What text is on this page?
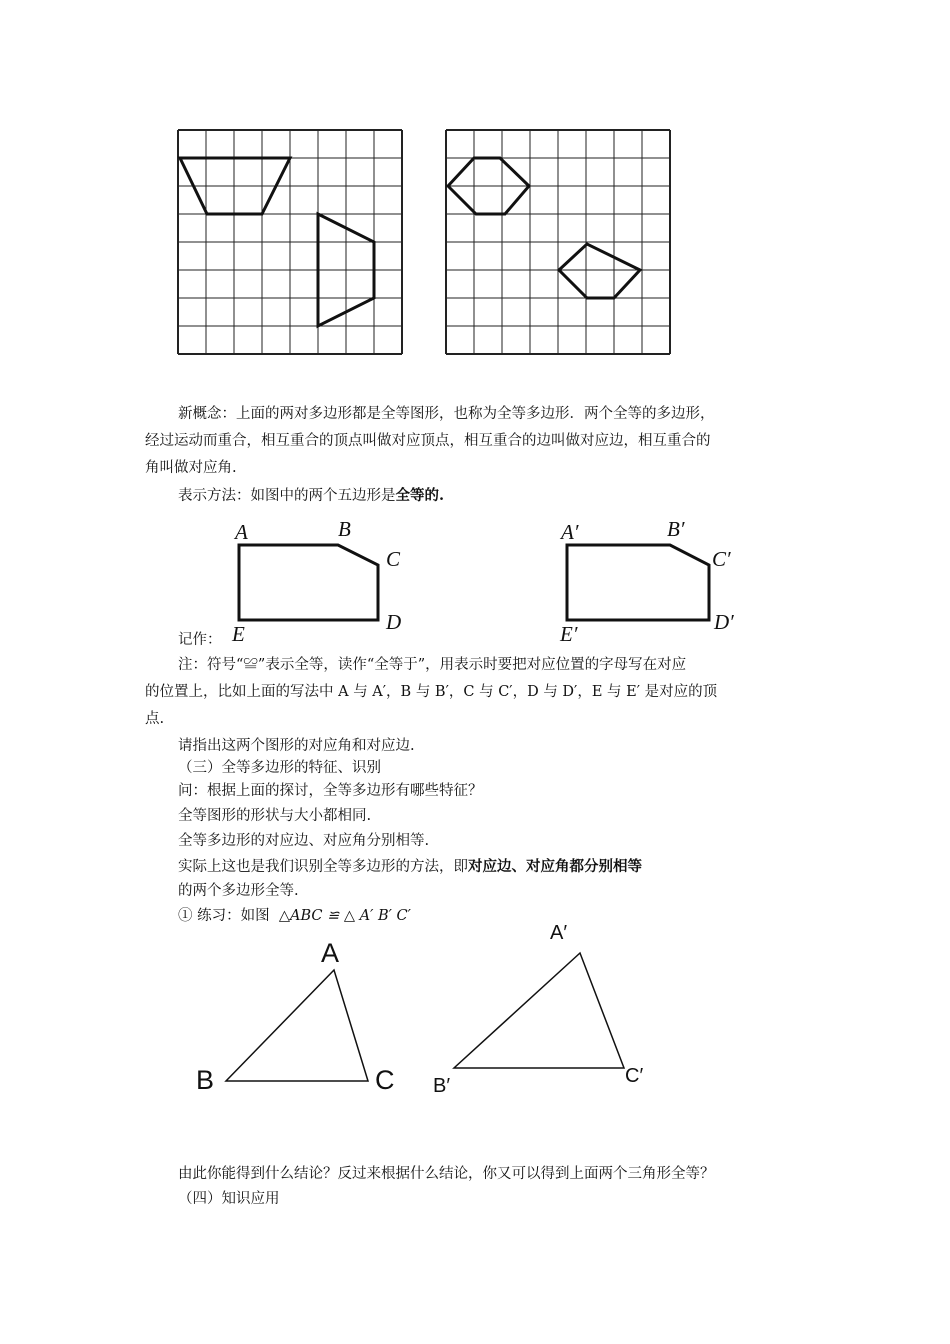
新概念：上面的两对多边形都是全等图形，也称为全等多边形．两个全等的多边形，
经过运动而重合，相互重合的顶点叫做对应顶点，相互重合的边叫做对应边，相互重合的
角叫做对应角.
表示方法：如图中的两个五边形是全等的.
A	B
C
D
E
A′	B′
C′
D′
E′
记作：
注：符号“≌”表示全等，读作“全等于”，用表示时要把对应位置的字母写在对应
的位置上，比如上面的写法中 A 与 A′，B 与 B′，C 与 C′，D 与 D′，E 与 E′ 是对应的顶
点.
请指出这两个图形的对应角和对应边.
（三）全等多边形的特征、识别
问：根据上面的探讨，全等多边形有哪些特征？
全等图形的形状与大小都相同.
全等多边形的对应边、对应角分别相等.
实际上这也是我们识别全等多边形的方法，即对应边、对应角都分别相等
的两个多边形全等.
① 练习：如图 △ABC ≌ △ A′ B′ C′
A
B	C
A′
B′	C′
由此你能得到什么结论？反过来根据什么结论，你又可以得到上面两个三角形全等？
（四）知识应用
